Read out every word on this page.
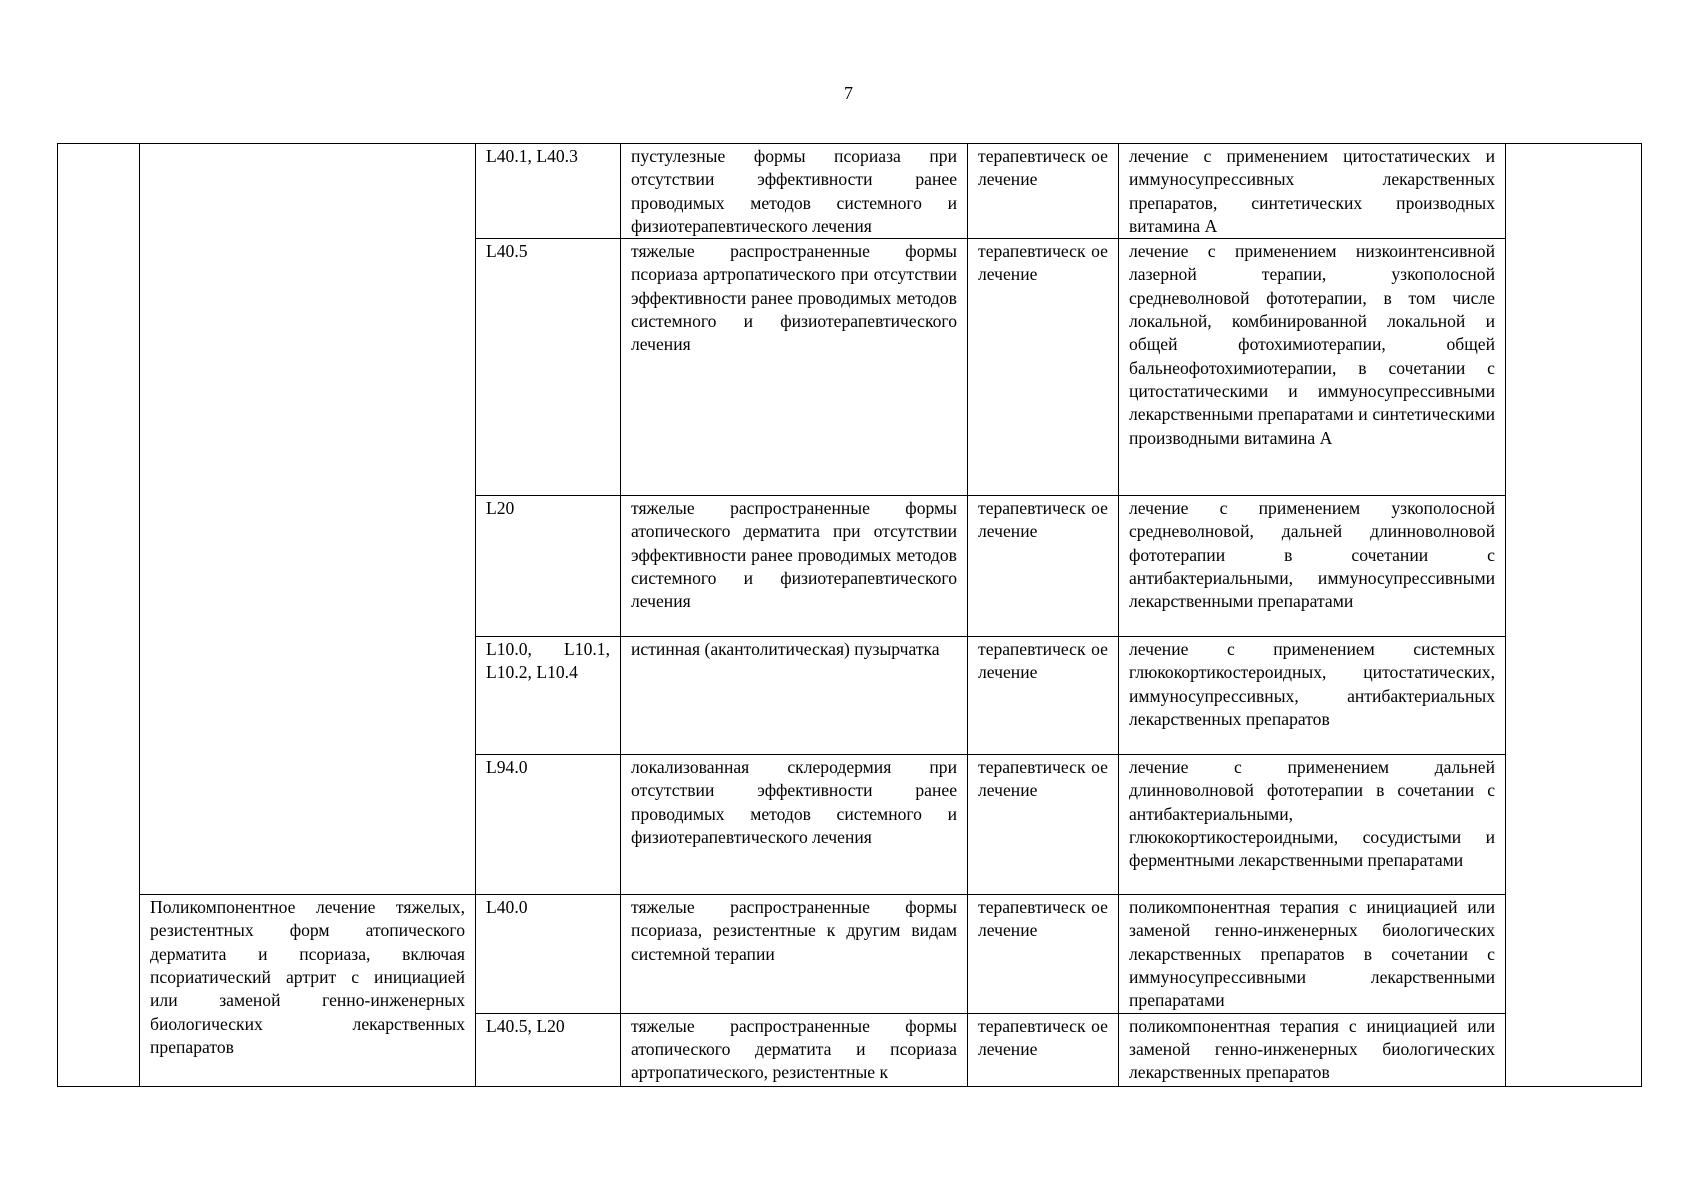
7
		L40.1, L40.3	пустулезные формы псориаза при отсутствии эффективности ранее проводимых методов системного и физиотерапевтического лечения	терапевтическ ое лечение	лечение с применением цитостатических и иммуносупрессивных лекарственных препаратов, синтетических производных витамина А	
		L40.5	тяжелые распространенные формы псориаза артропатического при отсутствии эффективности ранее проводимых методов системного и физиотерапевтического лечения	терапевтическ ое лечение	лечение с применением низкоинтенсивной лазерной терапии, узкополосной средневолновой фототерапии, в том числе локальной, комбинированной локальной и общей фотохимиотерапии, общей бальнеофотохимиотерапии, в сочетании с цитостатическими и иммуносупрессивными лекарственными препаратами и синтетическими производными витамина А	
		L20	тяжелые распространенные формы атопического дерматита при отсутствии эффективности ранее проводимых методов системного и физиотерапевтического лечения	терапевтическ ое лечение	лечение с применением узкополосной средневолновой, дальней длинноволновой фототерапии в сочетании с антибактериальными, иммуносупрессивными лекарственными препаратами	
		L10.0, L10.1, L10.2, L10.4	истинная (акантолитическая) пузырчатка	терапевтическ ое лечение	лечение с применением системных глюкокортикостероидных, цитостатических, иммуносупрессивных, антибактериальных лекарственных препаратов	
		L94.0	локализованная склеродермия при отсутствии эффективности ранее проводимых методов системного и физиотерапевтического лечения	терапевтическ ое лечение	лечение с применением дальней длинноволновой фототерапии в сочетании с антибактериальными, глюкокортикостероидными, сосудистыми и ферментными лекарственными препаратами	
	Поликомпонентное лечение тяжелых, резистентных форм атопического дерматита и псориаза, включая псориатический артрит с инициацией или заменой генно-инженерных биологических лекарственных препаратов	L40.0	тяжелые распространенные формы псориаза, резистентные к другим видам системной терапии	терапевтическ ое лечение	поликомпонентная терапия с инициацией или заменой генно-инженерных биологических лекарственных препаратов в сочетании с иммуносупрессивными лекарственными препаратами	
		L40.5, L20	тяжелые распространенные формы атопического дерматита и псориаза артропатического, резистентные к	терапевтическ ое лечение	поликомпонентная терапия с инициацией или заменой генно-инженерных биологических лекарственных препаратов	
